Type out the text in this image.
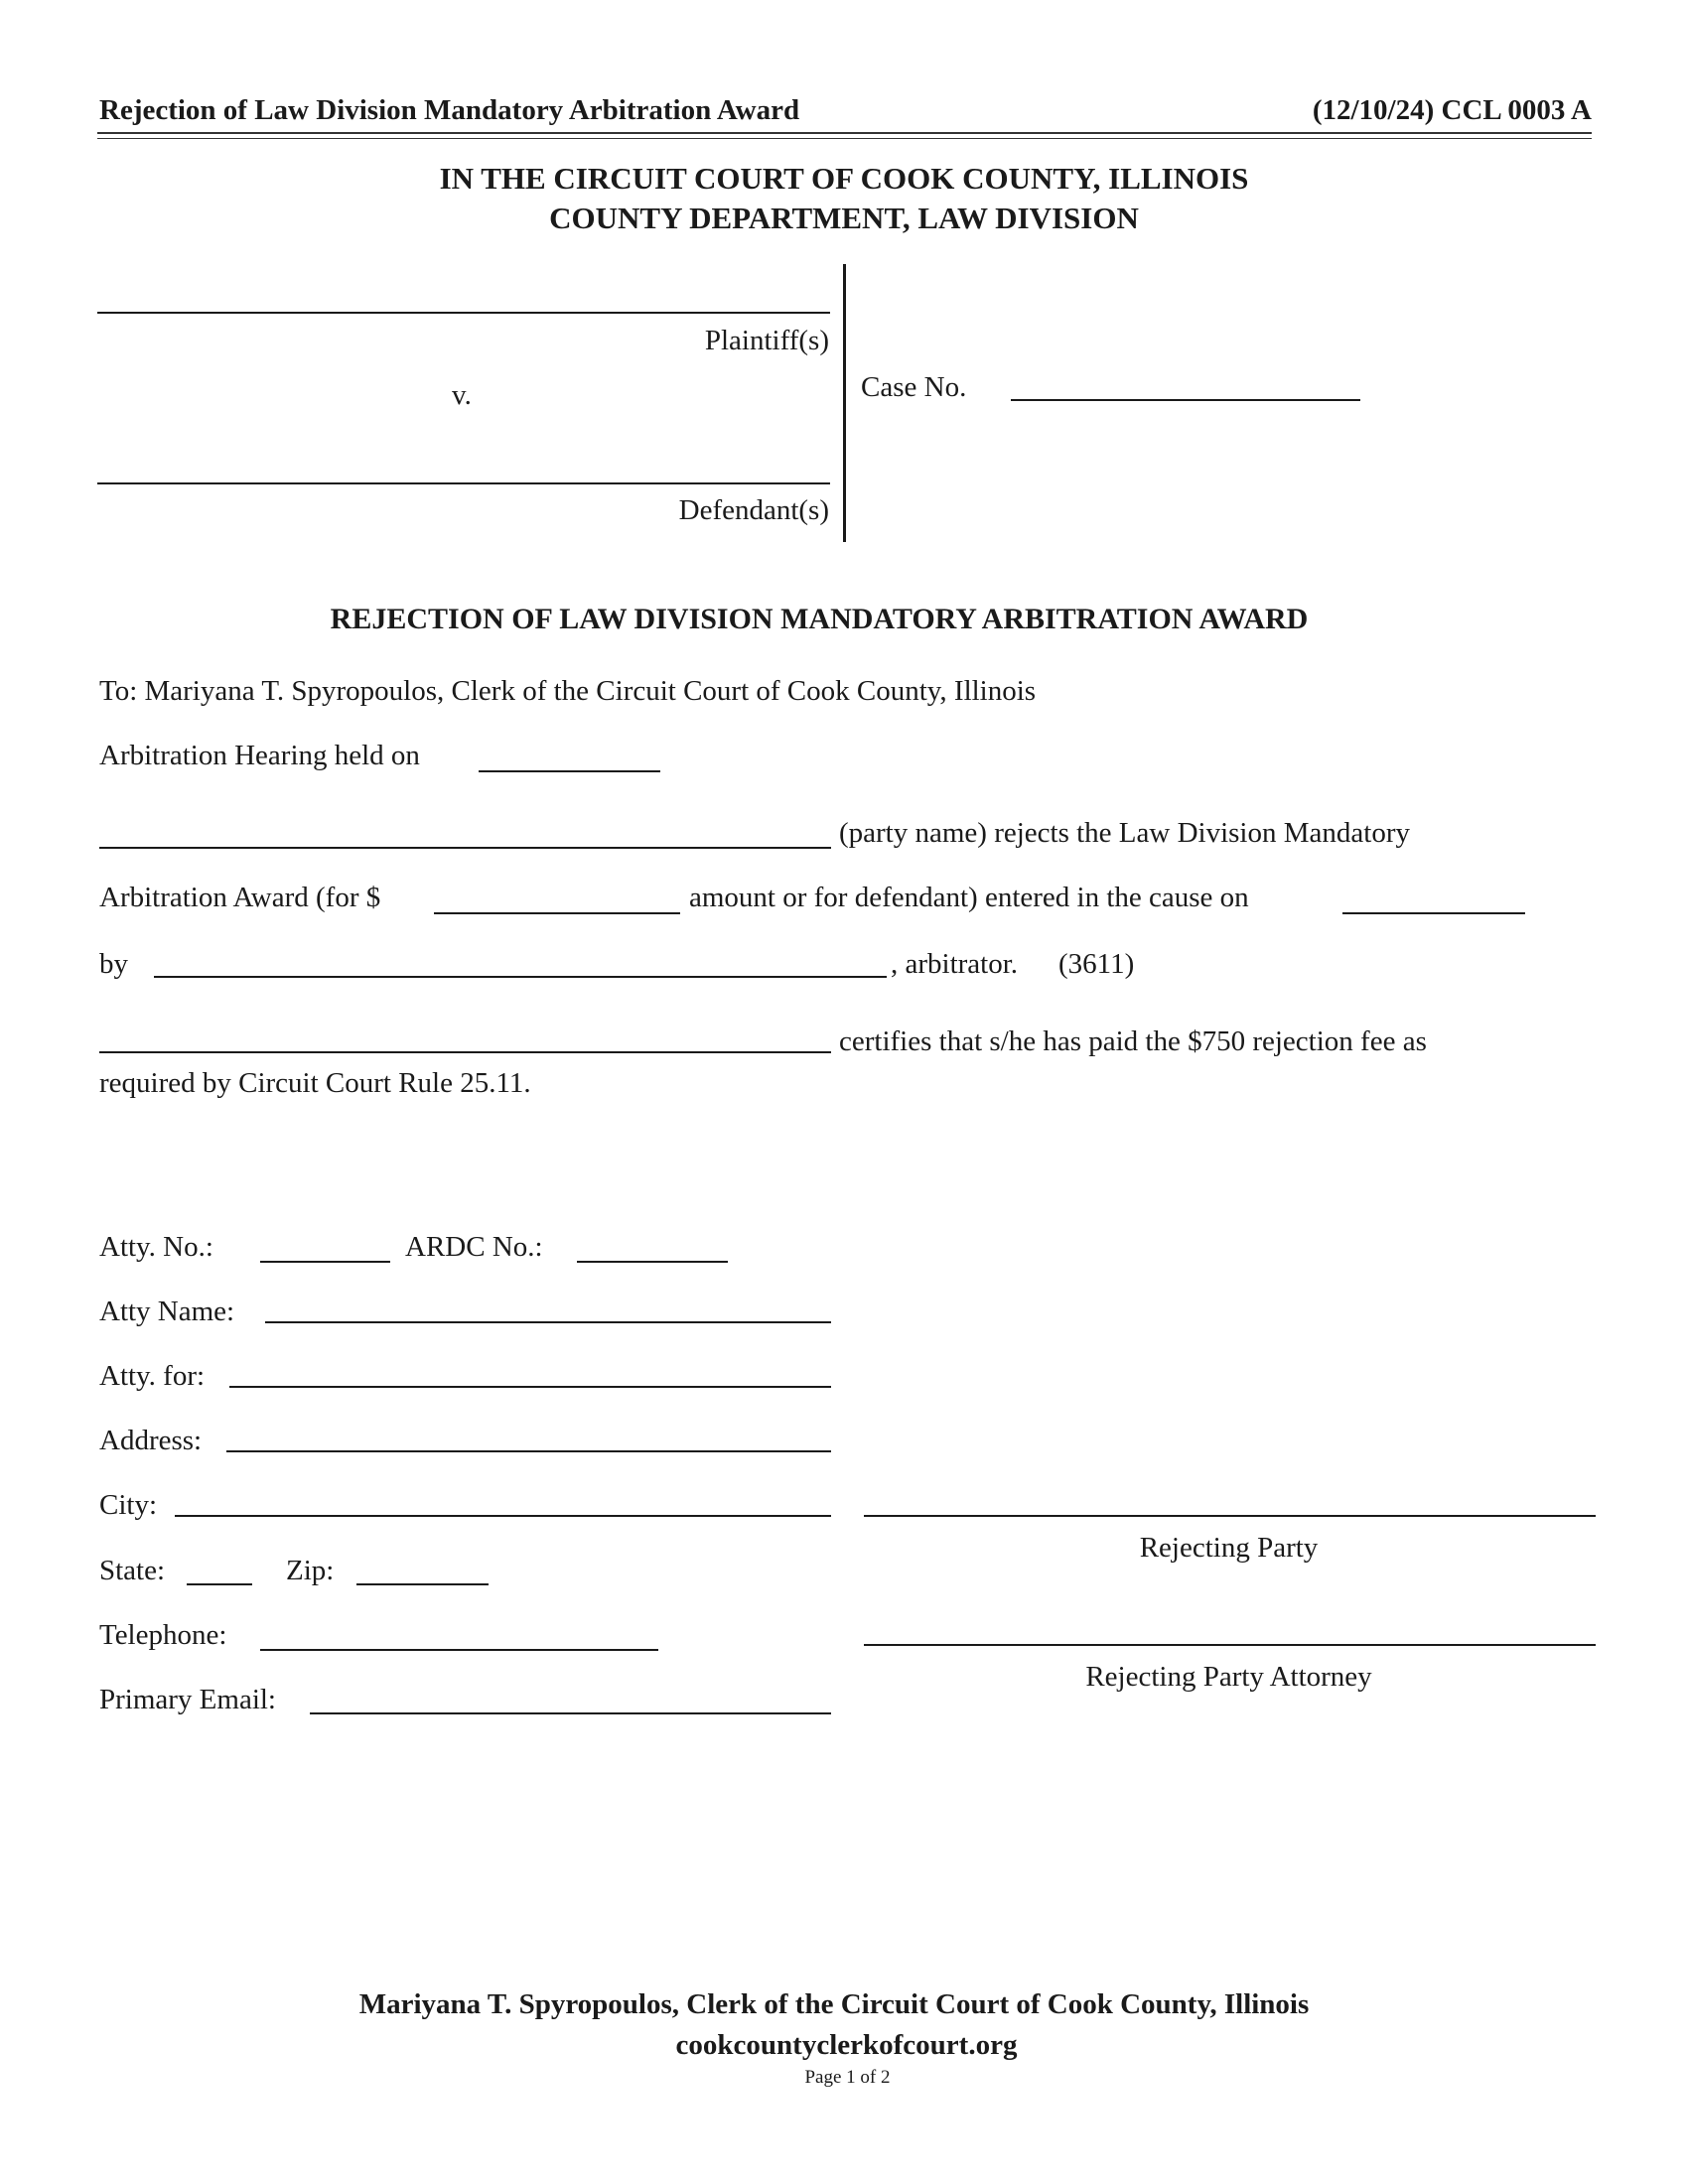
Rejection of Law Division Mandatory Arbitration Award	(12/10/24) CCL 0003 A
IN THE CIRCUIT COURT OF COOK COUNTY, ILLINOIS
COUNTY DEPARTMENT, LAW DIVISION
Plaintiff(s)
v.
Defendant(s)
Case No.
REJECTION OF LAW DIVISION MANDATORY ARBITRATION AWARD
To: Mariyana T. Spyropoulos, Clerk of the Circuit Court of Cook County, Illinois
Arbitration Hearing held on
(party name) rejects the Law Division Mandatory
Arbitration Award (for $	amount or for defendant) entered in the cause on
by	, arbitrator. (3611)
certifies that s/he has paid the $750 rejection fee as
required by Circuit Court Rule 25.11.
Atty. No.:	ARDC No.:
Atty Name:
Atty. for:
Address:
City:
State:	Zip:
Telephone:
Primary Email:
Rejecting Party
Rejecting Party Attorney
Mariyana T. Spyropoulos, Clerk of the Circuit Court of Cook County, Illinois
cookcountyclerkofcourt.org
Page 1 of 2
